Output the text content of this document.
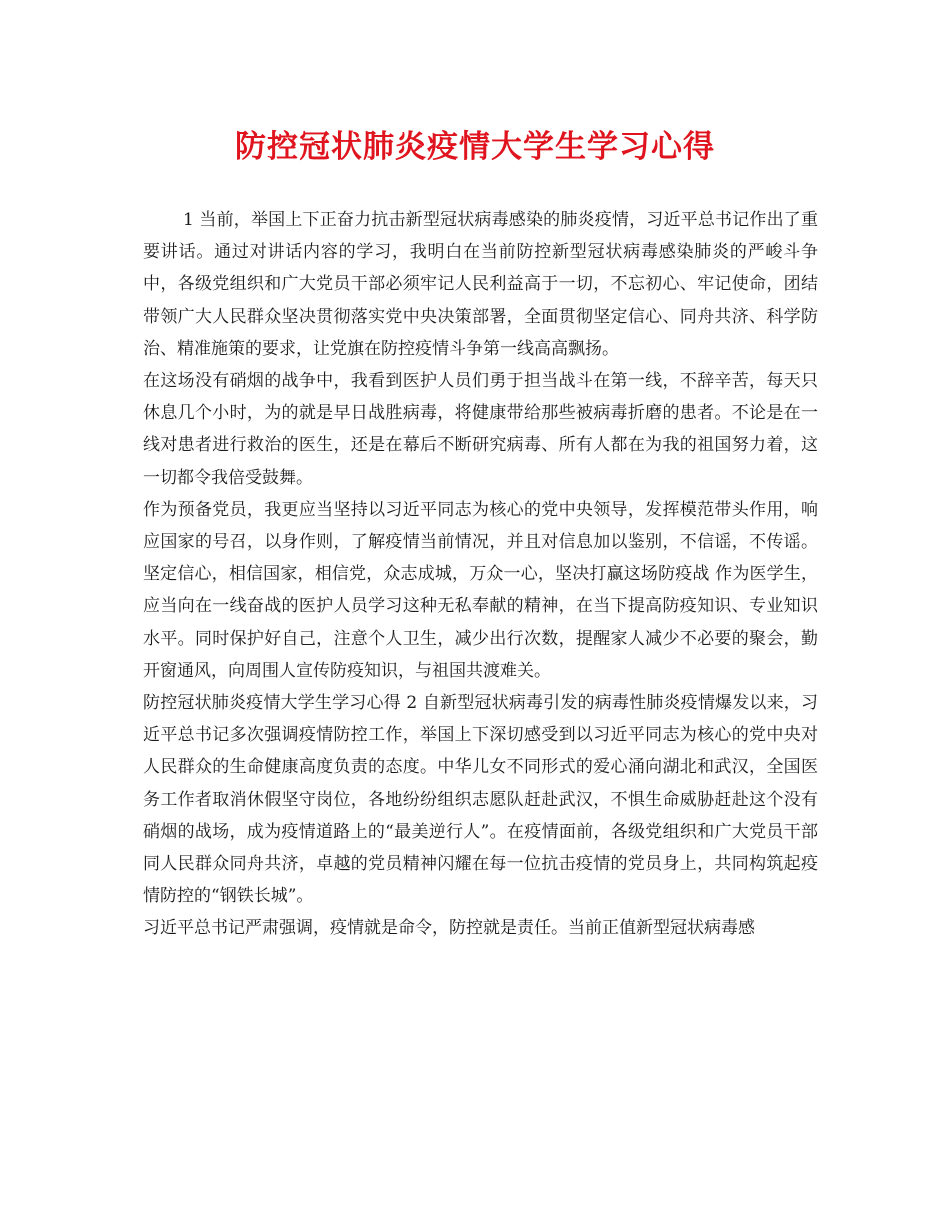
防控冠状肺炎疫情大学生学习心得

1 当前，举国上下正奋力抗击新型冠状病毒感染的肺炎疫情，习近平总书记作出了重要讲话。通过对讲话内容的学习，我明白在当前防控新型冠状病毒感染肺炎的严峻斗争中，各级党组织和广大党员干部必须牢记人民利益高于一切，不忘初心、牢记使命，团结带领广大人民群众坚决贯彻落实党中央决策部署，全面贯彻坚定信心、同舟共济、科学防治、精准施策的要求，让党旗在防控疫情斗争第一线高高飘扬。

在这场没有硝烟的战争中，我看到医护人员们勇于担当战斗在第一线，不辞辛苦，每天只休息几个小时，为的就是早日战胜病毒，将健康带给那些被病毒折磨的患者。不论是在一线对患者进行救治的医生，还是在幕后不断研究病毒、所有人都在为我的祖国努力着，这一切都令我倍受鼓舞。

作为预备党员，我更应当坚持以习近平同志为核心的党中央领导，发挥模范带头作用，响应国家的号召，以身作则，了解疫情当前情况，并且对信息加以鉴别，不信谣，不传谣。坚定信心，相信国家，相信党，众志成城，万众一心，坚决打赢这场防疫战 作为医学生，应当向在一线奋战的医护人员学习这种无私奉献的精神，在当下提高防疫知识、专业知识水平。同时保护好自己，注意个人卫生，减少出行次数，提醒家人减少不必要的聚会，勤开窗通风，向周围人宣传防疫知识，与祖国共渡难关。

防控冠状肺炎疫情大学生学习心得 2 自新型冠状病毒引发的病毒性肺炎疫情爆发以来，习近平总书记多次强调疫情防控工作，举国上下深切感受到以习近平同志为核心的党中央对人民群众的生命健康高度负责的态度。中华儿女不同形式的爱心涌向湖北和武汉，全国医务工作者取消休假坚守岗位，各地纷纷组织志愿队赶赴武汉，不惧生命威胁赶赴这个没有硝烟的战场，成为疫情道路上的“最美逆行人”。在疫情面前，各级党组织和广大党员干部同人民群众同舟共济，卓越的党员精神闪耀在每一位抗击疫情的党员身上，共同构筑起疫情防控的“钢铁长城”。

习近平总书记严肃强调，疫情就是命令，防控就是责任。当前正值新型冠状病毒感
